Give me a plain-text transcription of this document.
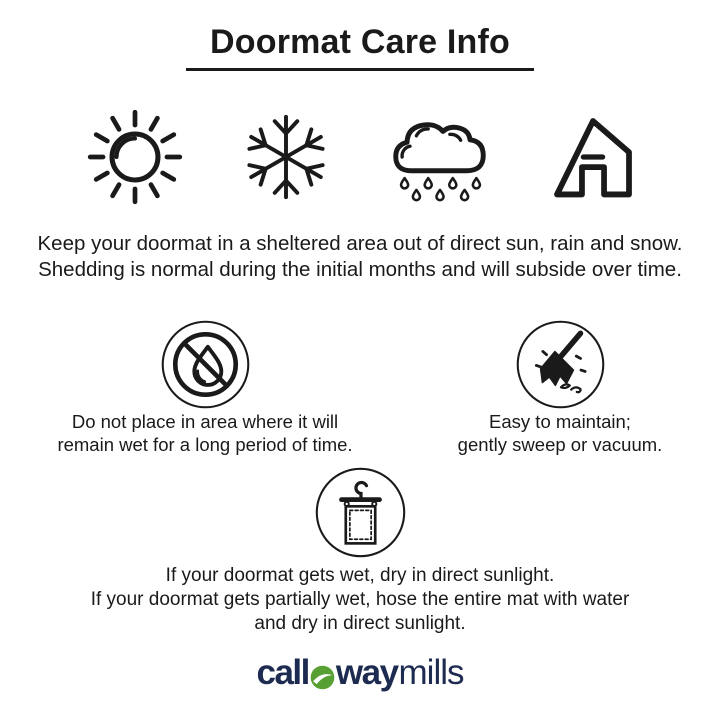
Doormat Care Info
Keep your doormat in a sheltered area out of direct sun, rain and snow.
Shedding is normal during the initial months and will subside over time.
Do not place in area where it will
remain wet for a long period of time.
Easy to maintain;
gently sweep or vacuum.
If your doormat gets wet, dry in direct sunlight.
If your doormat gets partially wet, hose the entire mat with water
and dry in direct sunlight.
call way mills
